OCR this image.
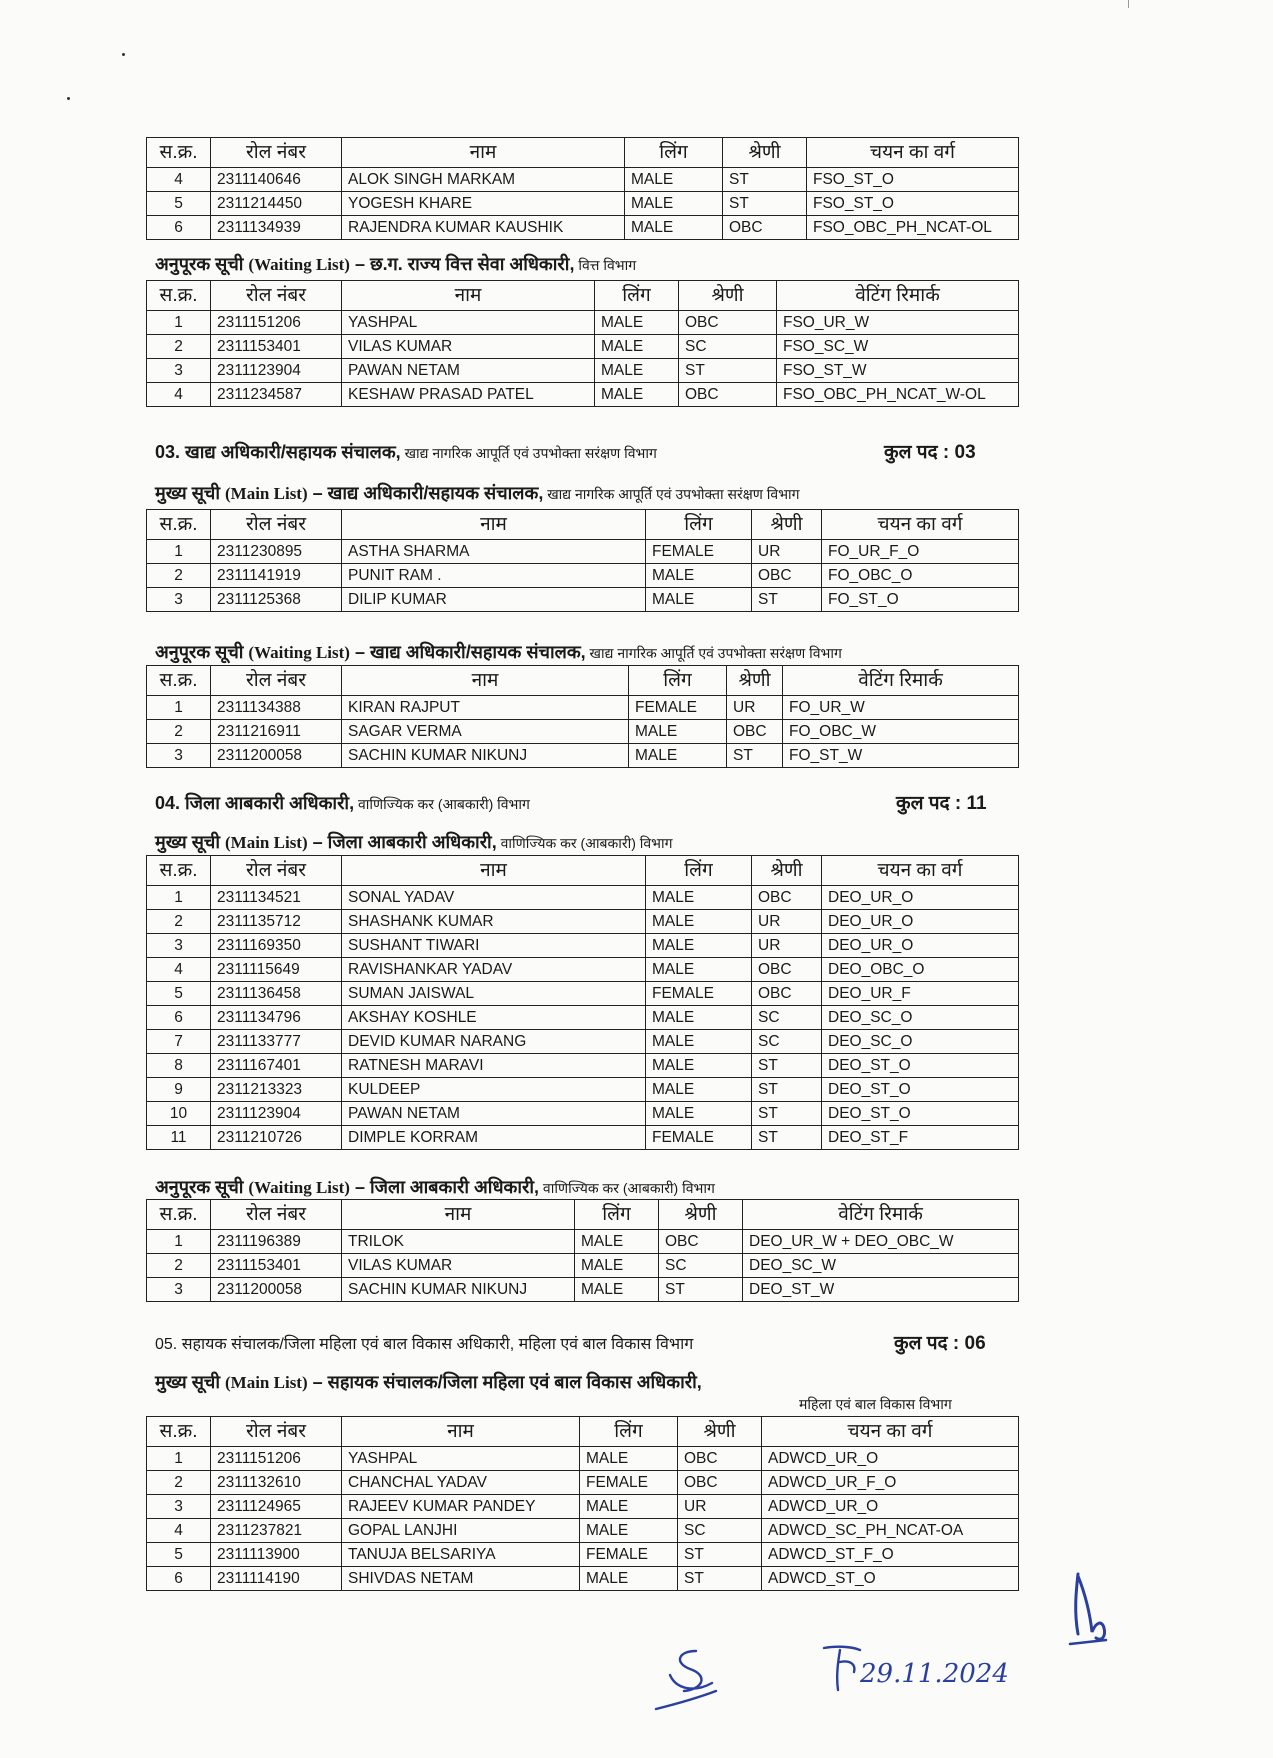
स.क्र.	रोल नंबर	नाम	लिंग	श्रेणी	चयन का वर्ग
4	2311140646	ALOK SINGH MARKAM	MALE	ST	FSO_ST_O
5	2311214450	YOGESH KHARE	MALE	ST	FSO_ST_O
6	2311134939	RAJENDRA KUMAR KAUSHIK	MALE	OBC	FSO_OBC_PH_NCAT-OL
अनुपूरक सूची (Waiting List) – छ.ग. राज्य वित्त सेवा अधिकारी, वित्त विभाग
स.क्र.	रोल नंबर	नाम	लिंग	श्रेणी	वेटिंग रिमार्क
1	2311151206	YASHPAL	MALE	OBC	FSO_UR_W
2	2311153401	VILAS KUMAR	MALE	SC	FSO_SC_W
3	2311123904	PAWAN NETAM	MALE	ST	FSO_ST_W
4	2311234587	KESHAW PRASAD PATEL	MALE	OBC	FSO_OBC_PH_NCAT_W-OL
03. खाद्य अधिकारी/सहायक संचालक, खाद्य नागरिक आपूर्ति एवं उपभोक्ता सरंक्षण विभाग	कुल पद : 03
मुख्य सूची (Main List) – खाद्य अधिकारी/सहायक संचालक, खाद्य नागरिक आपूर्ति एवं उपभोक्ता सरंक्षण विभाग
स.क्र.	रोल नंबर	नाम	लिंग	श्रेणी	चयन का वर्ग
1	2311230895	ASTHA SHARMA	FEMALE	UR	FO_UR_F_O
2	2311141919	PUNIT RAM .	MALE	OBC	FO_OBC_O
3	2311125368	DILIP KUMAR	MALE	ST	FO_ST_O
अनुपूरक सूची (Waiting List) – खाद्य अधिकारी/सहायक संचालक, खाद्य नागरिक आपूर्ति एवं उपभोक्ता सरंक्षण विभाग
स.क्र.	रोल नंबर	नाम	लिंग	श्रेणी	वेटिंग रिमार्क
1	2311134388	KIRAN RAJPUT	FEMALE	UR	FO_UR_W
2	2311216911	SAGAR VERMA	MALE	OBC	FO_OBC_W
3	2311200058	SACHIN KUMAR NIKUNJ	MALE	ST	FO_ST_W
04. जिला आबकारी अधिकारी, वाणिज्यिक कर (आबकारी) विभाग	कुल पद : 11
मुख्य सूची (Main List) – जिला आबकारी अधिकारी, वाणिज्यिक कर (आबकारी) विभाग
स.क्र.	रोल नंबर	नाम	लिंग	श्रेणी	चयन का वर्ग
1	2311134521	SONAL YADAV	MALE	OBC	DEO_UR_O
2	2311135712	SHASHANK KUMAR	MALE	UR	DEO_UR_O
3	2311169350	SUSHANT TIWARI	MALE	UR	DEO_UR_O
4	2311115649	RAVISHANKAR YADAV	MALE	OBC	DEO_OBC_O
5	2311136458	SUMAN JAISWAL	FEMALE	OBC	DEO_UR_F
6	2311134796	AKSHAY KOSHLE	MALE	SC	DEO_SC_O
7	2311133777	DEVID KUMAR NARANG	MALE	SC	DEO_SC_O
8	2311167401	RATNESH MARAVI	MALE	ST	DEO_ST_O
9	2311213323	KULDEEP	MALE	ST	DEO_ST_O
10	2311123904	PAWAN NETAM	MALE	ST	DEO_ST_O
11	2311210726	DIMPLE KORRAM	FEMALE	ST	DEO_ST_F
अनुपूरक सूची (Waiting List) – जिला आबकारी अधिकारी, वाणिज्यिक कर (आबकारी) विभाग
स.क्र.	रोल नंबर	नाम	लिंग	श्रेणी	वेटिंग रिमार्क
1	2311196389	TRILOK	MALE	OBC	DEO_UR_W + DEO_OBC_W
2	2311153401	VILAS KUMAR	MALE	SC	DEO_SC_W
3	2311200058	SACHIN KUMAR NIKUNJ	MALE	ST	DEO_ST_W
05. सहायक संचालक/जिला महिला एवं बाल विकास अधिकारी, महिला एवं बाल विकास विभाग	कुल पद : 06
मुख्य सूची (Main List) – सहायक संचालक/जिला महिला एवं बाल विकास अधिकारी,
महिला एवं बाल विकास विभाग
स.क्र.	रोल नंबर	नाम	लिंग	श्रेणी	चयन का वर्ग
1	2311151206	YASHPAL	MALE	OBC	ADWCD_UR_O
2	2311132610	CHANCHAL YADAV	FEMALE	OBC	ADWCD_UR_F_O
3	2311124965	RAJEEV KUMAR PANDEY	MALE	UR	ADWCD_UR_O
4	2311237821	GOPAL LANJHI	MALE	SC	ADWCD_SC_PH_NCAT-OA
5	2311113900	TANUJA BELSARIYA	FEMALE	ST	ADWCD_ST_F_O
6	2311114190	SHIVDAS NETAM	MALE	ST	ADWCD_ST_O
29.11.2024
